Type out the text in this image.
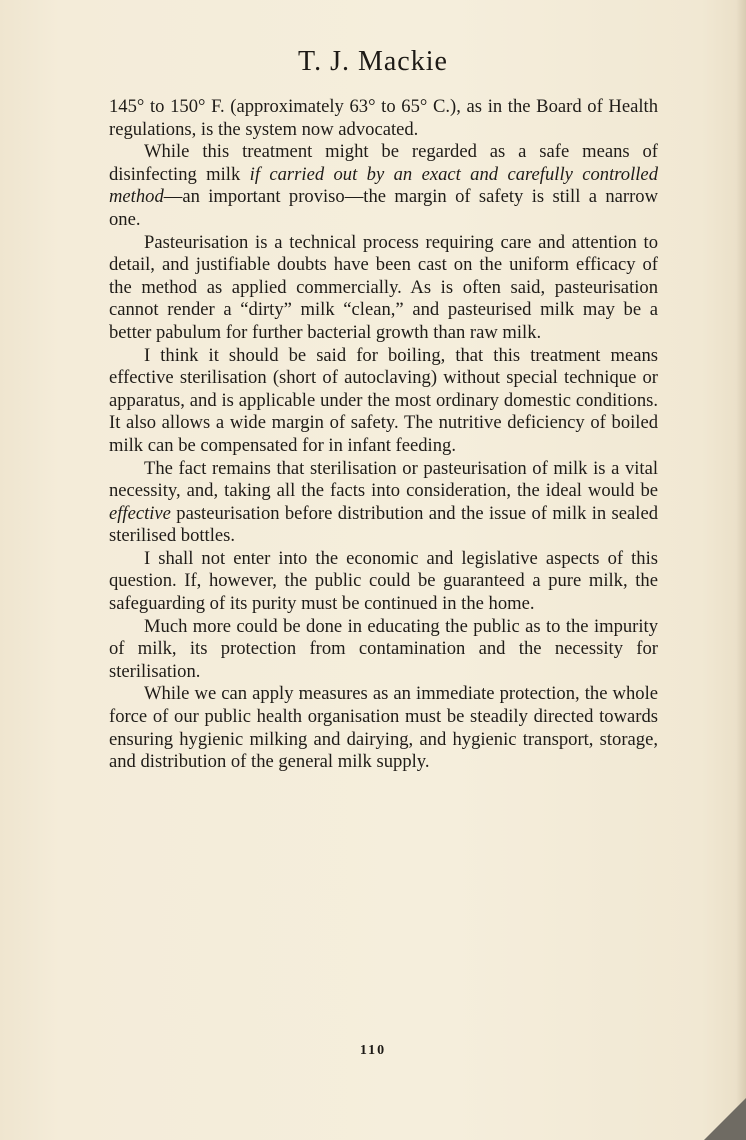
T. J. Mackie

145° to 150° F. (approximately 63° to 65° C.), as in the Board of Health regulations, is the system now advocated.

While this treatment might be regarded as a safe means of disinfecting milk if carried out by an exact and carefully controlled method—an important proviso—the margin of safety is still a narrow one.

Pasteurisation is a technical process requiring care and attention to detail, and justifiable doubts have been cast on the uniform efficacy of the method as applied commercially. As is often said, pasteurisation cannot render a “dirty” milk “clean,” and pasteurised milk may be a better pabulum for further bacterial growth than raw milk.

I think it should be said for boiling, that this treatment means effective sterilisation (short of autoclaving) without special technique or apparatus, and is applicable under the most ordinary domestic conditions. It also allows a wide margin of safety. The nutritive deficiency of boiled milk can be compensated for in infant feeding.

The fact remains that sterilisation or pasteurisation of milk is a vital necessity, and, taking all the facts into consideration, the ideal would be effective pasteurisation before distribution and the issue of milk in sealed sterilised bottles.

I shall not enter into the economic and legislative aspects of this question. If, however, the public could be guaranteed a pure milk, the safeguarding of its purity must be continued in the home.

Much more could be done in educating the public as to the impurity of milk, its protection from contamination and the necessity for sterilisation.

While we can apply measures as an immediate protection, the whole force of our public health organisation must be steadily directed towards ensuring hygienic milking and dairying, and hygienic transport, storage, and distribution of the general milk supply.

110
